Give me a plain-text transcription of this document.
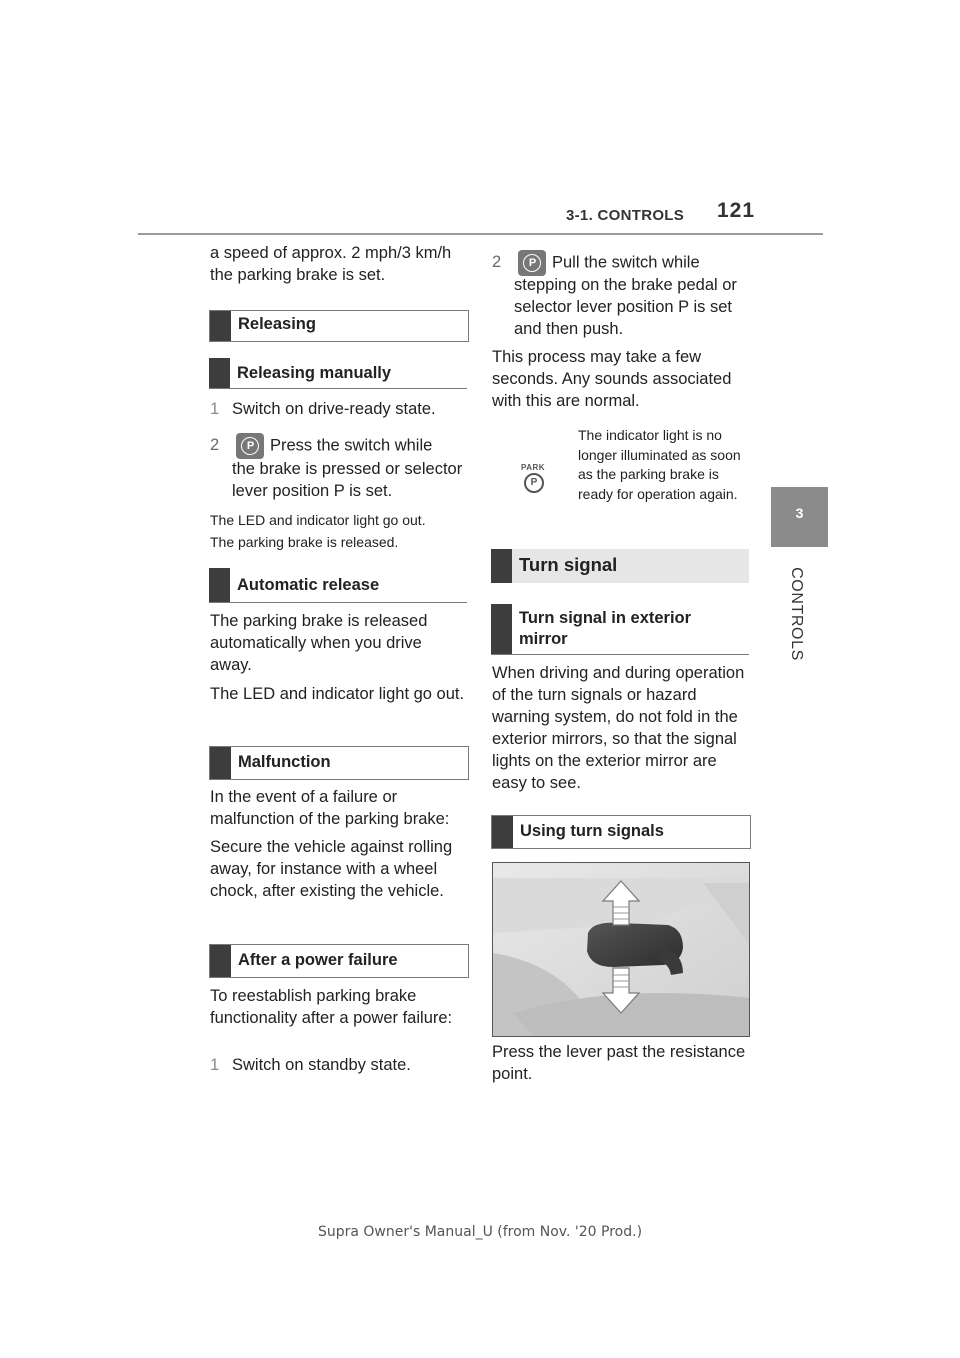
3-1. CONTROLS 121
3
CONTROLS
a speed of approx. 2 mph/3 km/h the parking brake is set.
Releasing
Releasing manually
1 Switch on drive-ready state.
2	P Press the switch while
the brake is pressed or selector lever position P is set.
The LED and indicator light go out.
The parking brake is released.
Automatic release
The parking brake is released automatically when you drive away.
The LED and indicator light go out.
Malfunction
In the event of a failure or malfunction of the parking brake:
Secure the vehicle against rolling away, for instance with a wheel chock, after existing the vehicle.
After a power failure
To reestablish parking brake functionality after a power failure:
1 Switch on standby state.
2	P Pull the switch while
stepping on the brake pedal or selector lever position P is set and then push.
This process may take a few seconds. Any sounds associated with this are normal.
PARK
P
The indicator light is no longer illuminated as soon as the parking brake is ready for operation again.
Turn signal
Turn signal in exterior mirror
When driving and during operation of the turn signals or hazard warning system, do not fold in the exterior mirrors, so that the signal lights on the exterior mirror are easy to see.
Using turn signals
Press the lever past the resistance point.
Supra Owner's Manual_U (from Nov. '20 Prod.)
